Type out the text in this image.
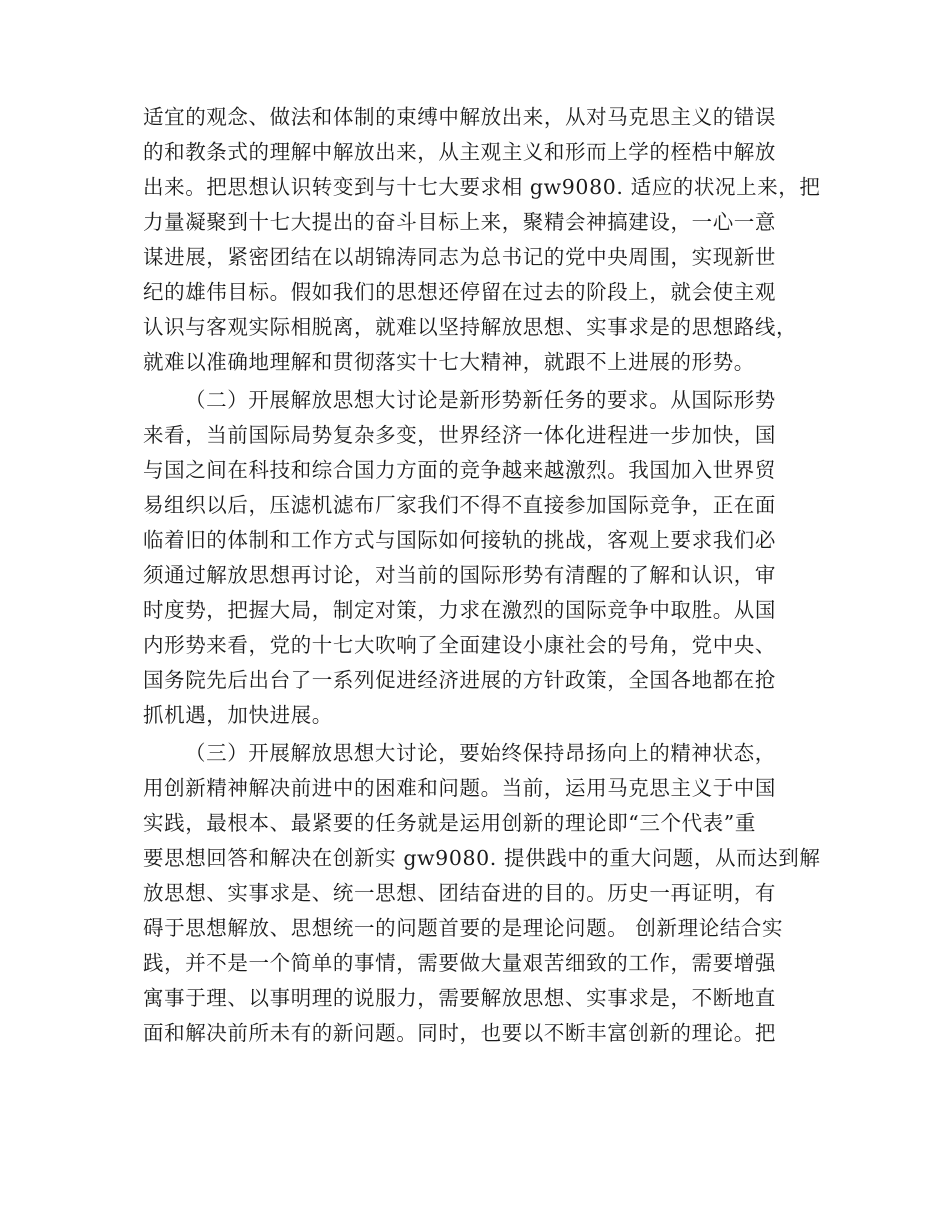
适宜的观念、做法和体制的束缚中解放出来，从对马克思主义的错误
的和教条式的理解中解放出来，从主观主义和形而上学的桎梏中解放
出来。把思想认识转变到与十七大要求相 gw9080. 适应的状况上来，把
力量凝聚到十七大提出的奋斗目标上来，聚精会神搞建设，一心一意
谋进展，紧密团结在以胡锦涛同志为总书记的党中央周围，实现新世
纪的雄伟目标。假如我们的思想还停留在过去的阶段上，就会使主观
认识与客观实际相脱离，就难以坚持解放思想、实事求是的思想路线，
就难以准确地理解和贯彻落实十七大精神，就跟不上进展的形势。
（二）开展解放思想大讨论是新形势新任务的要求。从国际形势
来看，当前国际局势复杂多变，世界经济一体化进程进一步加快，国
与国之间在科技和综合国力方面的竞争越来越激烈。我国加入世界贸
易组织以后，压滤机滤布厂家我们不得不直接参加国际竞争，正在面
临着旧的体制和工作方式与国际如何接轨的挑战，客观上要求我们必
须通过解放思想再讨论，对当前的国际形势有清醒的了解和认识，审
时度势，把握大局，制定对策，力求在激烈的国际竞争中取胜。从国
内形势来看，党的十七大吹响了全面建设小康社会的号角，党中央、
国务院先后出台了一系列促进经济进展的方针政策，全国各地都在抢
抓机遇，加快进展。
（三）开展解放思想大讨论，要始终保持昂扬向上的精神状态，
用创新精神解决前进中的困难和问题。当前，运用马克思主义于中国
实践，最根本、最紧要的任务就是运用创新的理论即“三个代表”重
要思想回答和解决在创新实 gw9080. 提供践中的重大问题，从而达到解
放思想、实事求是、统一思想、团结奋进的目的。历史一再证明，有
碍于思想解放、思想统一的问题首要的是理论问题。 创新理论结合实
践，并不是一个简单的事情，需要做大量艰苦细致的工作，需要增强
寓事于理、以事明理的说服力，需要解放思想、实事求是，不断地直
面和解决前所未有的新问题。同时，也要以不断丰富创新的理论。把
